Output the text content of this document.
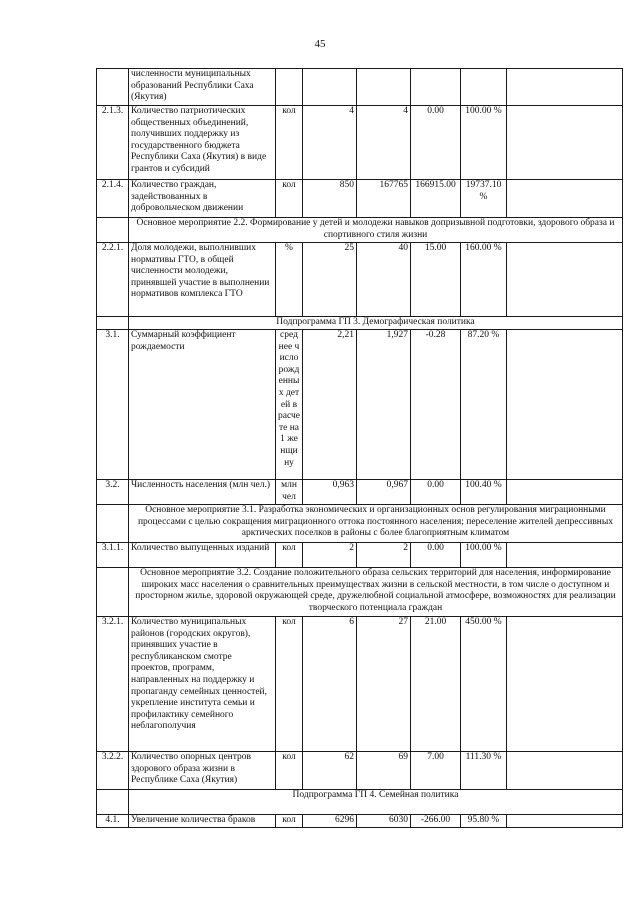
45
	численности муниципальных образований Республики Саха (Якутия)						
2.1.3.	Количество патриотических общественных объединений, получивших поддержку из государственного бюджета Республики Саха (Якутия) в виде грантов и субсидий	кол	4	4	0.00	100.00 %	
2.1.4.	Количество граждан, задействованных в добровольческом движении	кол	850	167765	166915.00	19737.10 %	
	Основное мероприятие 2.2. Формирование у детей и молодежи навыков допризывной подготовки, здорового образа и спортивного стиля жизни						
2.2.1.	Доля молодежи, выполнивших нормативы ГТО, в общей численности молодежи, принявшей участие в выполнении нормативов комплекса ГТО	%	25	40	15.00	160.00 %	
	Подпрограмма ГП 3. Демографическая политика						
3.1.	Суммарный коэффициент рождаемости	среднее число рожденных детей в расчете на 1 женщину	2,21	1,927	-0.28	87.20 %	
3.2.	Численность населения (млн чел.)	млн чел	0,963	0,967	0.00	100.40 %	
	Основное мероприятие 3.1. Разработка экономических и организационных основ регулирования миграционными процессами с целью сокращения миграционного оттока постоянного населения; переселение жителей депрессивных арктических поселков в районы с более благоприятным климатом						
3.1.1.	Количество выпущенных изданий	кол	2	2	0.00	100.00 %	
	Основное мероприятие 3.2. Создание положительного образа сельских территорий для населения, информирование широких масс населения о сравнительных преимуществах жизни в сельской местности, в том числе о доступном и просторном жилье, здоровой окружающей среде, дружелюбной социальной атмосфере, возможностях для реализации творческого потенциала граждан						
3.2.1.	Количество муниципальных районов (городских округов), принявших участие в республиканском смотре проектов, программ, направленных на поддержку и пропаганду семейных ценностей, укрепление института семьи и профилактику семейного неблагополучия	кол	6	27	21.00	450.00 %	
3.2.2.	Количество опорных центров здорового образа жизни в Республике Саха (Якутия)	кол	62	69	7.00	111.30 %	
	Подпрограмма ГП 4. Семейная политика						
4.1.	Увеличение количества браков	кол	6296	6030	-266.00	95.80 %	
